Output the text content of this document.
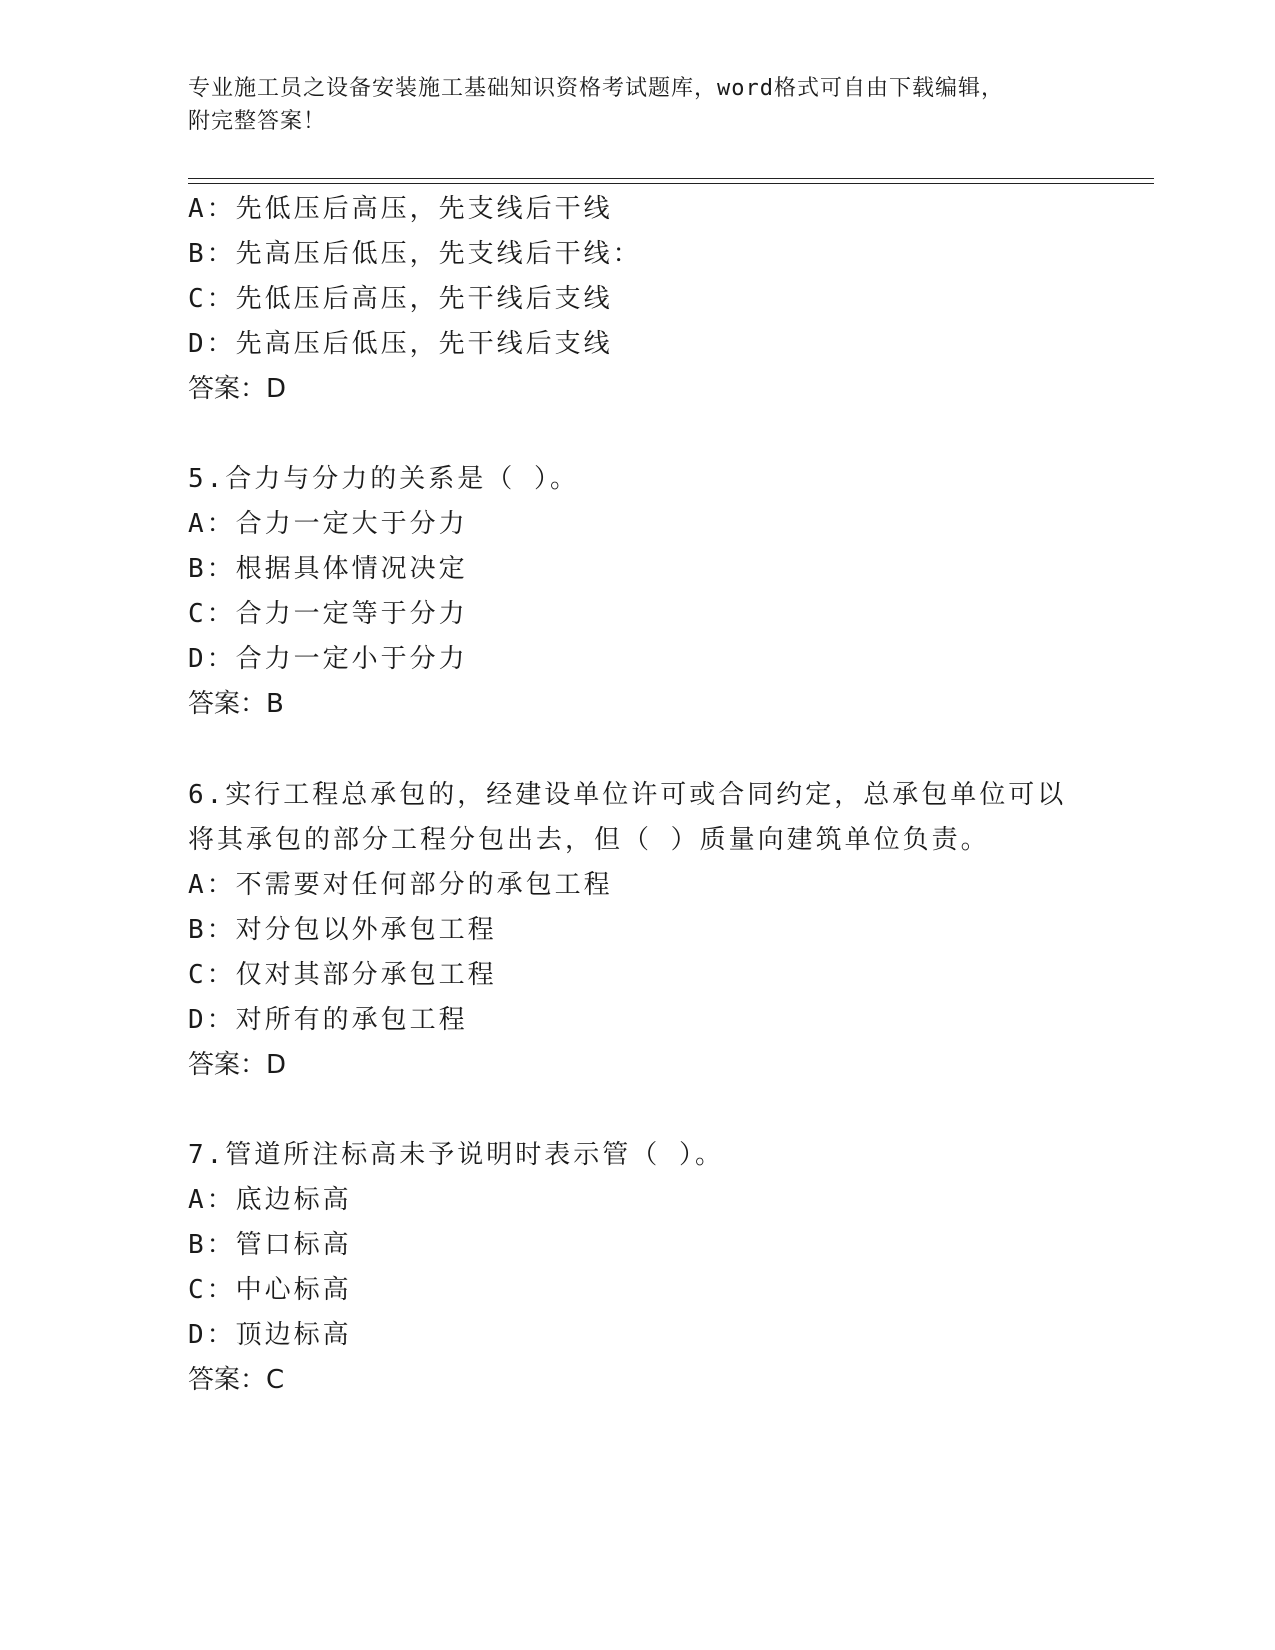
专业施工员之设备安装施工基础知识资格考试题库，word格式可自由下载编辑，
附完整答案！
A：先低压后高压，先支线后干线
B：先高压后低压，先支线后干线：
C：先低压后高压，先干线后支线
D：先高压后低压，先干线后支线
答案：D
5.合力与分力的关系是（ ）。
A：合力一定大于分力
B：根据具体情况决定
C：合力一定等于分力
D：合力一定小于分力
答案：B
6.实行工程总承包的，经建设单位许可或合同约定，总承包单位可以
将其承包的部分工程分包出去，但（ ）质量向建筑单位负责。
A：不需要对任何部分的承包工程
B：对分包以外承包工程
C：仅对其部分承包工程
D：对所有的承包工程
答案：D
7.管道所注标高未予说明时表示管（ ）。
A：底边标高
B：管口标高
C：中心标高
D：顶边标高
答案：C
